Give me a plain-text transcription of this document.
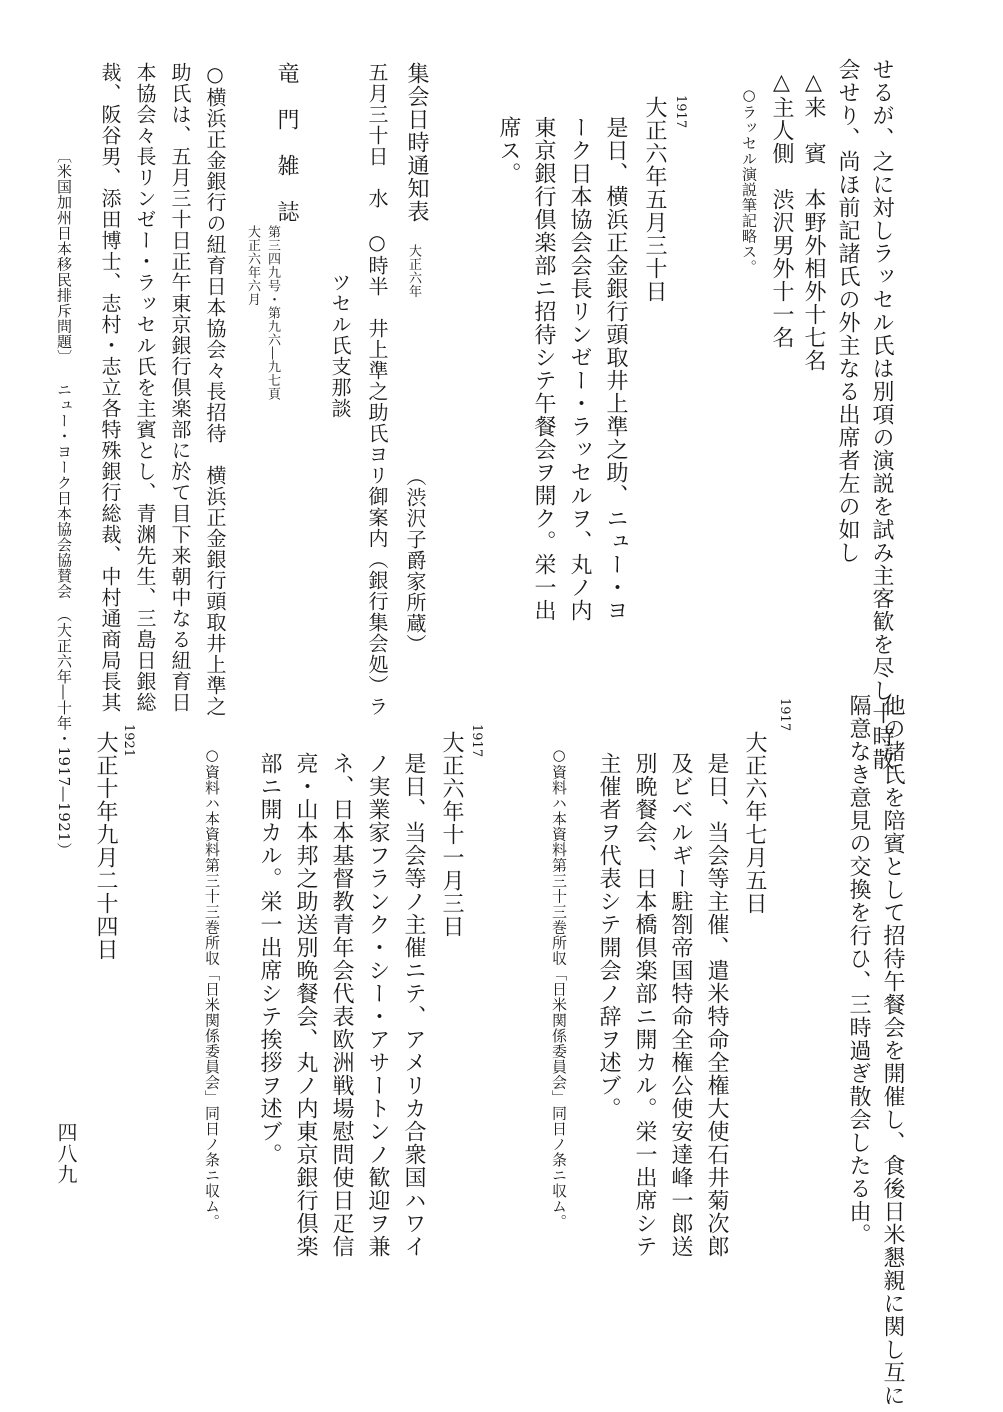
せるが、之に対しラッセル氏は別項の演説を試み主客歓を尽し十時散
会せり、尚ほ前記諸氏の外主なる出席者左の如し
△来　賓　本野外相外十七名
△主人側　渋沢男外十一名
○ラッセル演説筆記略ス。
1917
大正六年五月三十日
是日、横浜正金銀行頭取井上準之助、ニュー・ヨ
ーク日本協会会長リンゼー・ラッセルヲ、丸ノ内
東京銀行倶楽部ニ招待シテ午餐会ヲ開ク。栄一出
席ス。
集会日時通知表
大正六年
（渋沢子爵家所蔵）
五月三十日　水　○時半　井上準之助氏ヨリ御案内（銀行集会処）ラ
ツセル氏支那談
竜　門　雑　誌
第三四九号・第九六―九七頁
大正六年六月
○横浜正金銀行の紐育日本協会々長招待　横浜正金銀行頭取井上準之
助氏は、五月三十日正午東京銀行倶楽部に於て目下来朝中なる紐育日
本協会々長リンゼー・ラッセル氏を主賓とし、青渊先生、三島日銀総
裁、阪谷男、添田博士、志村・志立各特殊銀行総裁、中村通商局長其
〔米国加州日本移民排斥問題〕
ニュー・ヨーク日本協会協賛会　（大正六年―十年・1917―1921）
他の諸氏を陪賓として招待午餐会を開催し、食後日米懇親に関し互に
隔意なき意見の交換を行ひ、三時過ぎ散会したる由。
1917
大正六年七月五日
是日、当会等主催、遣米特命全権大使石井菊次郎
及ビベルギー駐劄帝国特命全権公使安達峰一郎送
別晩餐会、日本橋倶楽部ニ開カル。栄一出席シテ
主催者ヲ代表シテ開会ノ辞ヲ述ブ。
○資料ハ本資料第三十三巻所収「日米関係委員会」同日ノ条ニ収ム。
1917
大正六年十一月三日
是日、当会等ノ主催ニテ、アメリカ合衆国ハワイ
ノ実業家フランク・シー・アサートンノ歓迎ヲ兼
ネ、日本基督教青年会代表欧洲戦場慰問使日疋信
亮・山本邦之助送別晩餐会、丸ノ内東京銀行倶楽
部ニ開カル。栄一出席シテ挨拶ヲ述ブ。
○資料ハ本資料第三十三巻所収「日米関係委員会」同日ノ条ニ収ム。
1921
大正十年九月二十四日
四八九
